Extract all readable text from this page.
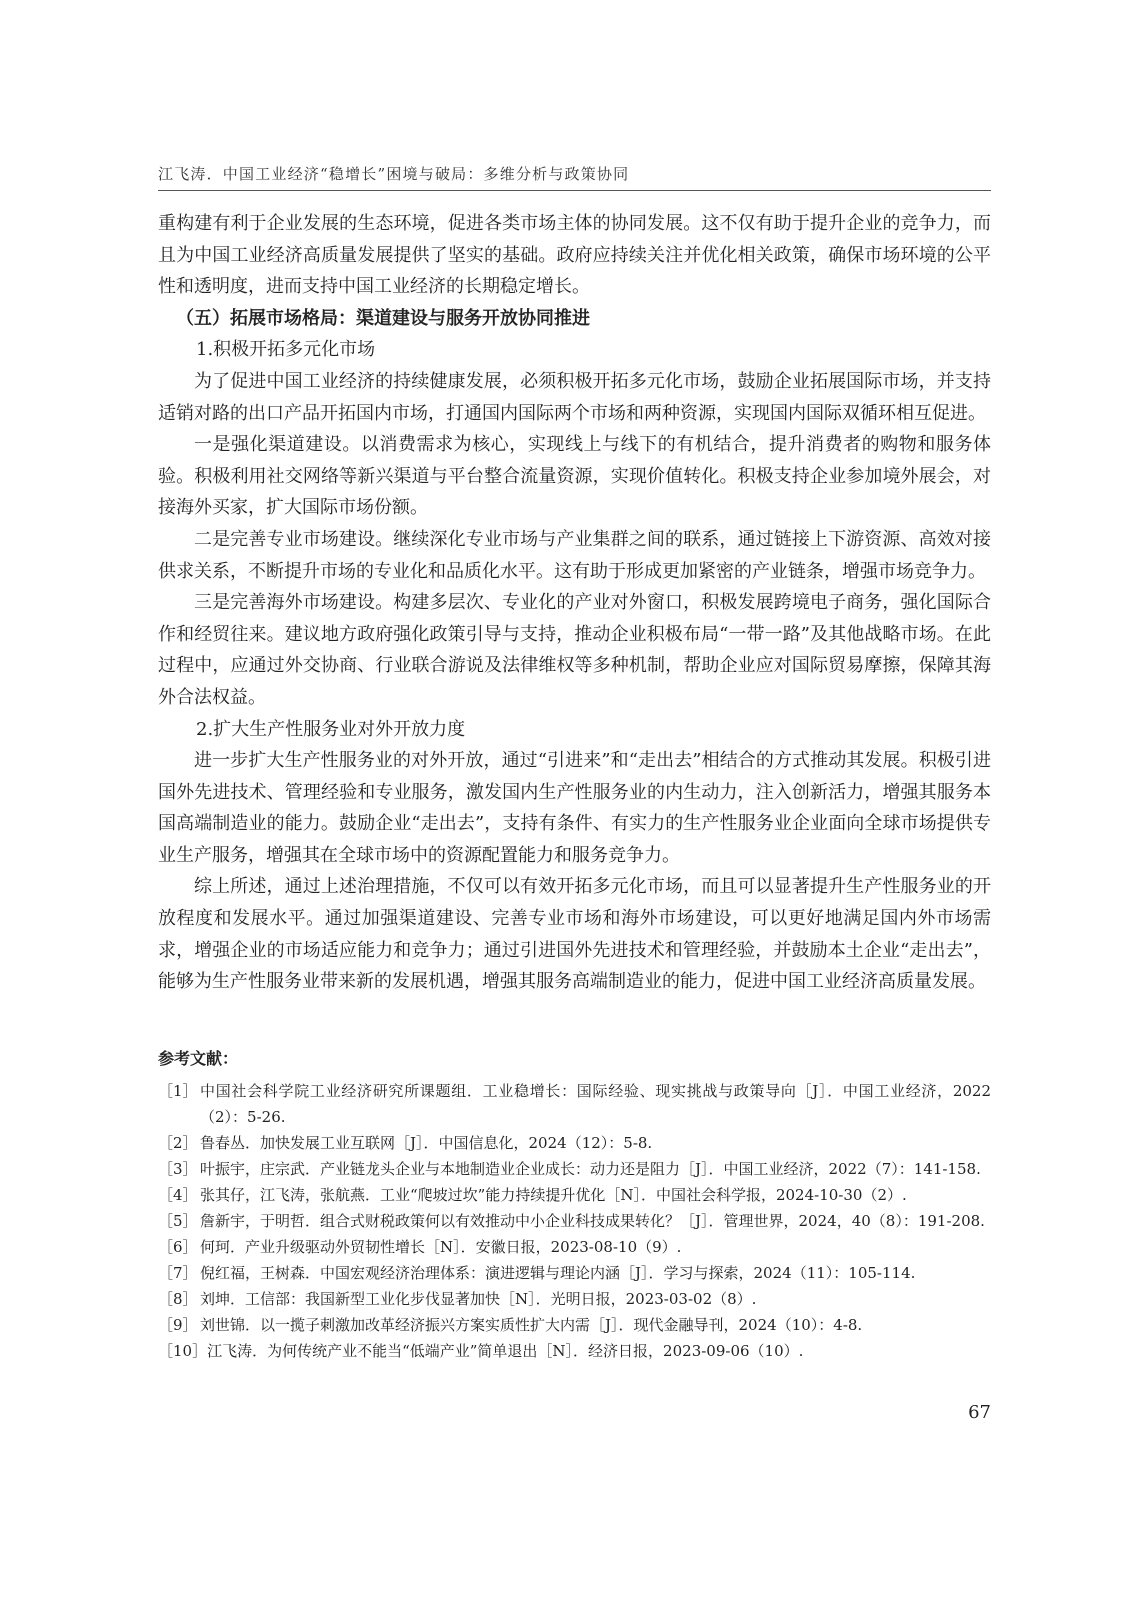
江飞涛．中国工业经济“稳增长”困境与破局：多维分析与政策协同

重构建有利于企业发展的生态环境，促进各类市场主体的协同发展。这不仅有助于提升企业的竞争力，而且为中国工业经济高质量发展提供了坚实的基础。政府应持续关注并优化相关政策，确保市场环境的公平性和透明度，进而支持中国工业经济的长期稳定增长。

（五）拓展市场格局：渠道建设与服务开放协同推进

1.积极开拓多元化市场

为了促进中国工业经济的持续健康发展，必须积极开拓多元化市场，鼓励企业拓展国际市场，并支持适销对路的出口产品开拓国内市场，打通国内国际两个市场和两种资源，实现国内国际双循环相互促进。

一是强化渠道建设。以消费需求为核心，实现线上与线下的有机结合，提升消费者的购物和服务体验。积极利用社交网络等新兴渠道与平台整合流量资源，实现价值转化。积极支持企业参加境外展会，对接海外买家，扩大国际市场份额。

二是完善专业市场建设。继续深化专业市场与产业集群之间的联系，通过链接上下游资源、高效对接供求关系，不断提升市场的专业化和品质化水平。这有助于形成更加紧密的产业链条，增强市场竞争力。

三是完善海外市场建设。构建多层次、专业化的产业对外窗口，积极发展跨境电子商务，强化国际合作和经贸往来。建议地方政府强化政策引导与支持，推动企业积极布局“一带一路”及其他战略市场。在此过程中，应通过外交协商、行业联合游说及法律维权等多种机制，帮助企业应对国际贸易摩擦，保障其海外合法权益。

2.扩大生产性服务业对外开放力度

进一步扩大生产性服务业的对外开放，通过“引进来”和“走出去”相结合的方式推动其发展。积极引进国外先进技术、管理经验和专业服务，激发国内生产性服务业的内生动力，注入创新活力，增强其服务本国高端制造业的能力。鼓励企业“走出去”，支持有条件、有实力的生产性服务业企业面向全球市场提供专业生产服务，增强其在全球市场中的资源配置能力和服务竞争力。

综上所述，通过上述治理措施，不仅可以有效开拓多元化市场，而且可以显著提升生产性服务业的开放程度和发展水平。通过加强渠道建设、完善专业市场和海外市场建设，可以更好地满足国内外市场需求，增强企业的市场适应能力和竞争力；通过引进国外先进技术和管理经验，并鼓励本土企业“走出去”，能够为生产性服务业带来新的发展机遇，增强其服务高端制造业的能力，促进中国工业经济高质量发展。

参考文献：

［1］ 中国社会科学院工业经济研究所课题组．工业稳增长：国际经验、现实挑战与政策导向［J］．中国工业经济，2022（2）：5-26.
［2］ 鲁春丛．加快发展工业互联网［J］．中国信息化，2024（12）：5-8.
［3］ 叶振宇，庄宗武．产业链龙头企业与本地制造业企业成长：动力还是阻力［J］．中国工业经济，2022（7）：141-158.
［4］ 张其仔，江飞涛，张航燕．工业“爬坡过坎”能力持续提升优化［N］．中国社会科学报，2024-10-30（2）.
［5］ 詹新宇，于明哲．组合式财税政策何以有效推动中小企业科技成果转化？［J］．管理世界，2024，40（8）：191-208.
［6］ 何珂．产业升级驱动外贸韧性增长［N］．安徽日报，2023-08-10（9）.
［7］ 倪红福，王树森．中国宏观经济治理体系：演进逻辑与理论内涵［J］．学习与探索，2024（11）：105-114.
［8］ 刘坤．工信部：我国新型工业化步伐显著加快［N］．光明日报，2023-03-02（8）.
［9］ 刘世锦．以一揽子刺激加改革经济振兴方案实质性扩大内需［J］．现代金融导刊，2024（10）：4-8.
［10］ 江飞涛．为何传统产业不能当“低端产业”简单退出［N］．经济日报，2023-09-06（10）.
67
